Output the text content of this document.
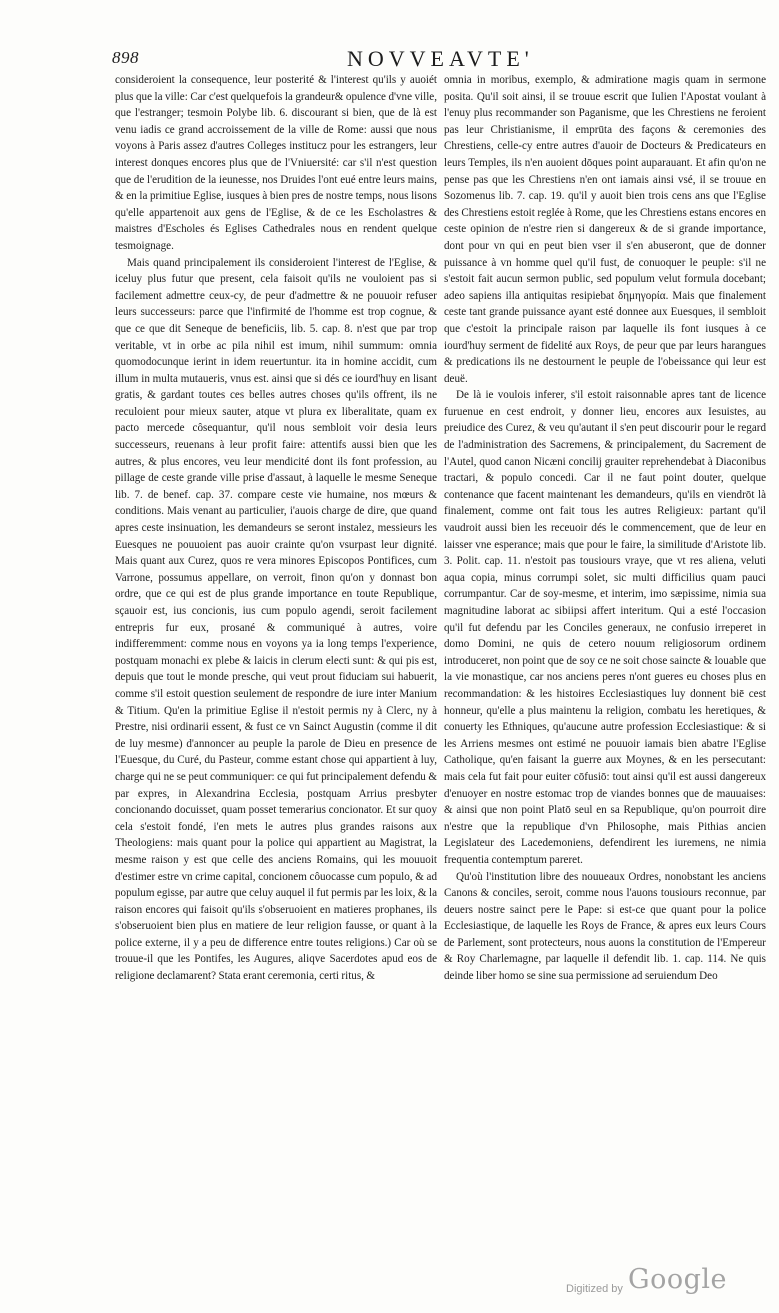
898	NOVVEAVTE'

consideroient la consequence, leur posterité & l'interest qu'ils y auoiét plus que la ville: Car c'est quelquefois la grandeur& opulence d'vne ville, que l'estranger; tesmoin Polybe lib. 6. discourant si bien, que de là est venu iadis ce grand accroissement de la ville de Rome: aussi que nous voyons à Paris assez d'autres Colleges institucz pour les estrangers, leur interest donques encores plus que de l'Vniuersité: car s'il n'est question que de l'erudition de la ieunesse, nos Druides l'ont eué entre leurs mains, & en la primitiue Eglise, iusques à bien pres de nostre temps, nous lisons qu'elle appartenoit aux gens de l'Eglise, & de ce les Escholastres & maistres d'Escholes és Eglises Cathedrales nous en rendent quelque tesmoignage.

Mais quand principalement ils consideroient l'interest de l'Eglise, & iceluy plus futur que present, cela faisoit qu'ils ne vouloient pas si facilement admettre ceux-cy, de peur d'admettre & ne pouuoir refuser leurs successeurs: parce que l'infirmité de l'homme est trop cognue, & que ce que dit Seneque de beneficiis, lib. 5. cap. 8. n'est que par trop veritable, vt in orbe ac pila nihil est imum, nihil summum: omnia quomodocunque ierint in idem reuertuntur. ita in homine accidit, cum illum in multa mutaueris, vnus est. ainsi que si dés ce iourd'huy en lisant gratis, & gardant toutes ces belles autres choses qu'ils offrent, ils ne reculoient pour mieux sauter, atque vt plura ex liberalitate, quam ex pacto mercede côsequantur, qu'il nous sembloit voir desia leurs successeurs, reuenans à leur profit faire: attentifs aussi bien que les autres, & plus encores, veu leur mendicité dont ils font profession, au pillage de ceste grande ville prise d'assaut, à laquelle le mesme Seneque lib. 7. de benef. cap. 37. compare ceste vie humaine, nos mœurs & conditions. Mais venant au particulier, i'auois charge de dire, que quand apres ceste insinuation, les demandeurs se seront instalez, messieurs les Euesques ne pouuoient pas auoir crainte qu'on vsurpast leur dignité. Mais quant aux Curez, quos re vera minores Episcopos Pontifices, cum Varrone, possumus appellare, on verroit, finon qu'on y donnast bon ordre, que ce qui est de plus grande importance en toute Republique, sçauoir est, ius concionis, ius cum populo agendi, seroit facilement entrepris fur eux, prosané & communiqué à autres, voire indifferemment: comme nous en voyons ya ia long temps l'experience, postquam monachi ex plebe & laicis in clerum electi sunt: & qui pis est, depuis que tout le monde presche, qui veut prout fiduciam sui habuerit, comme s'il estoit question seulement de respondre de iure inter Manium & Titium. Qu'en la primitiue Eglise il n'estoit permis ny à Clerc, ny à Prestre, nisi ordinarii essent, & fust ce vn Sainct Augustin (comme il dit de luy mesme) d'annoncer au peuple la parole de Dieu en presence de l'Euesque, du Curé, du Pasteur, comme estant chose qui appartient à luy, charge qui ne se peut communiquer: ce qui fut principalement defendu & par expres, in Alexandrina Ecclesia, postquam Arrius presbyter concionando docuisset, quam posset temerarius concionator. Et sur quoy cela s'estoit fondé, i'en mets le autres plus grandes raisons aux Theologiens: mais quant pour la police qui appartient au Magistrat, la mesme raison y est que celle des anciens Romains, qui les mouuoit d'estimer estre vn crime capital, concionem côuocasse cum populo, & ad populum egisse, par autre que celuy auquel il fut permis par les loix, & la raison encores qui faisoit qu'ils s'obseruoient en matieres prophanes, ils s'obseruoient bien plus en matiere de leur religion fausse, or quant à la police externe, il y a peu de difference entre toutes religions.) Car où se trouue-il que les Pontifes, les Augures, aliqve Sacerdotes apud eos de religione declamarent? Stata erant ceremonia, certi ritus, &

omnia in moribus, exemplo, & admiratione magis quam in sermone posita. Qu'il soit ainsi, il se trouue escrit que Iulien l'Apostat voulant à l'enuy plus recommander son Paganisme, que les Chrestiens ne feroient pas leur Christianisme, il emprūta des façons & ceremonies des Chrestiens, celle-cy entre autres d'auoir de Docteurs & Predicateurs en leurs Temples, ils n'en auoient dōques point auparauant. Et afin qu'on ne pense pas que les Chrestiens n'en ont iamais ainsi vsé, il se trouue en Sozomenus lib. 7. cap. 19. qu'il y auoit bien trois cens ans que l'Eglise des Chrestiens estoit reglée à Rome, que les Chrestiens estans encores en ceste opinion de n'estre rien si dangereux & de si grande importance, dont pour vn qui en peut bien vser il s'en abuseront, que de donner puissance à vn homme quel qu'il fust, de conuoquer le peuple: s'il ne s'estoit fait aucun sermon public, sed populum velut formula docebant; adeo sapiens illa antiquitas resipiebat δημηγορία. Mais que finalement ceste tant grande puissance ayant esté donnee aux Euesques, il sembloit que c'estoit la principale raison par laquelle ils font iusques à ce iourd'huy serment de fidelité aux Roys, de peur que par leurs harangues & predications ils ne destournent le peuple de l'obeissance qui leur est deuë.

De là ie voulois inferer, s'il estoit raisonnable apres tant de licence furuenue en cest endroit, y donner lieu, encores aux Iesuistes, au preiudice des Curez, & veu qu'autant il s'en peut discourir pour le regard de l'administration des Sacremens, & principalement, du Sacrement de l'Autel, quod canon Nicæni concilij grauiter reprehendebat à Diaconibus tractari, & populo concedi. Car il ne faut point douter, quelque contenance que facent maintenant les demandeurs, qu'ils en viendrōt là finalement, comme ont fait tous les autres Religieux: partant qu'il vaudroit aussi bien les receuoir dés le commencement, que de leur en laisser vne esperance; mais que pour le faire, la similitude d'Aristote lib. 3. Polit. cap. 11. n'estoit pas tousiours vraye, que vt res aliena, veluti aqua copia, minus corrumpi solet, sic multi difficilius quam pauci corrumpantur. Car de soy-mesme, et interim, imo sæpissime, nimia sua magnitudine laborat ac sibiipsi affert interitum. Qui a esté l'occasion qu'il fut defendu par les Conciles generaux, ne confusio irreperet in domo Domini, ne quis de cetero nouum religiosorum ordinem introduceret, non point que de soy ce ne soit chose saincte & louable que la vie monastique, car nos anciens peres n'ont gueres eu choses plus en recommandation: & les histoires Ecclesiastiques luy donnent biē cest honneur, qu'elle a plus maintenu la religion, combatu les heretiques, & conuerty les Ethniques, qu'aucune autre profession Ecclesiastique: & si les Arriens mesmes ont estimé ne pouuoir iamais bien abatre l'Eglise Catholique, qu'en faisant la guerre aux Moynes, & en les persecutant: mais cela fut fait pour euiter cōfusiō: tout ainsi qu'il est aussi dangereux d'enuoyer en nostre estomac trop de viandes bonnes que de mauuaises: & ainsi que non point Platō seul en sa Republique, qu'on pourroit dire n'estre que la republique d'vn Philosophe, mais Pithias ancien Legislateur des Lacedemoniens, defendirent les iuremens, ne nimia frequentia contemptum pareret.

Qu'où l'institution libre des nouueaux Ordres, nonobstant les anciens Canons & conciles, seroit, comme nous l'auons tousiours reconnue, par deuers nostre sainct pere le Pape: si est-ce que quant pour la police Ecclesiastique, de laquelle les Roys de France, & apres eux leurs Cours de Parlement, sont protecteurs, nous auons la constitution de l'Empereur & Roy Charlemagne, par laquelle il defendit lib. 1. cap. 114. Ne quis deinde liber homo se sine sua permissione ad seruiendum Deo

Digitized by Google
